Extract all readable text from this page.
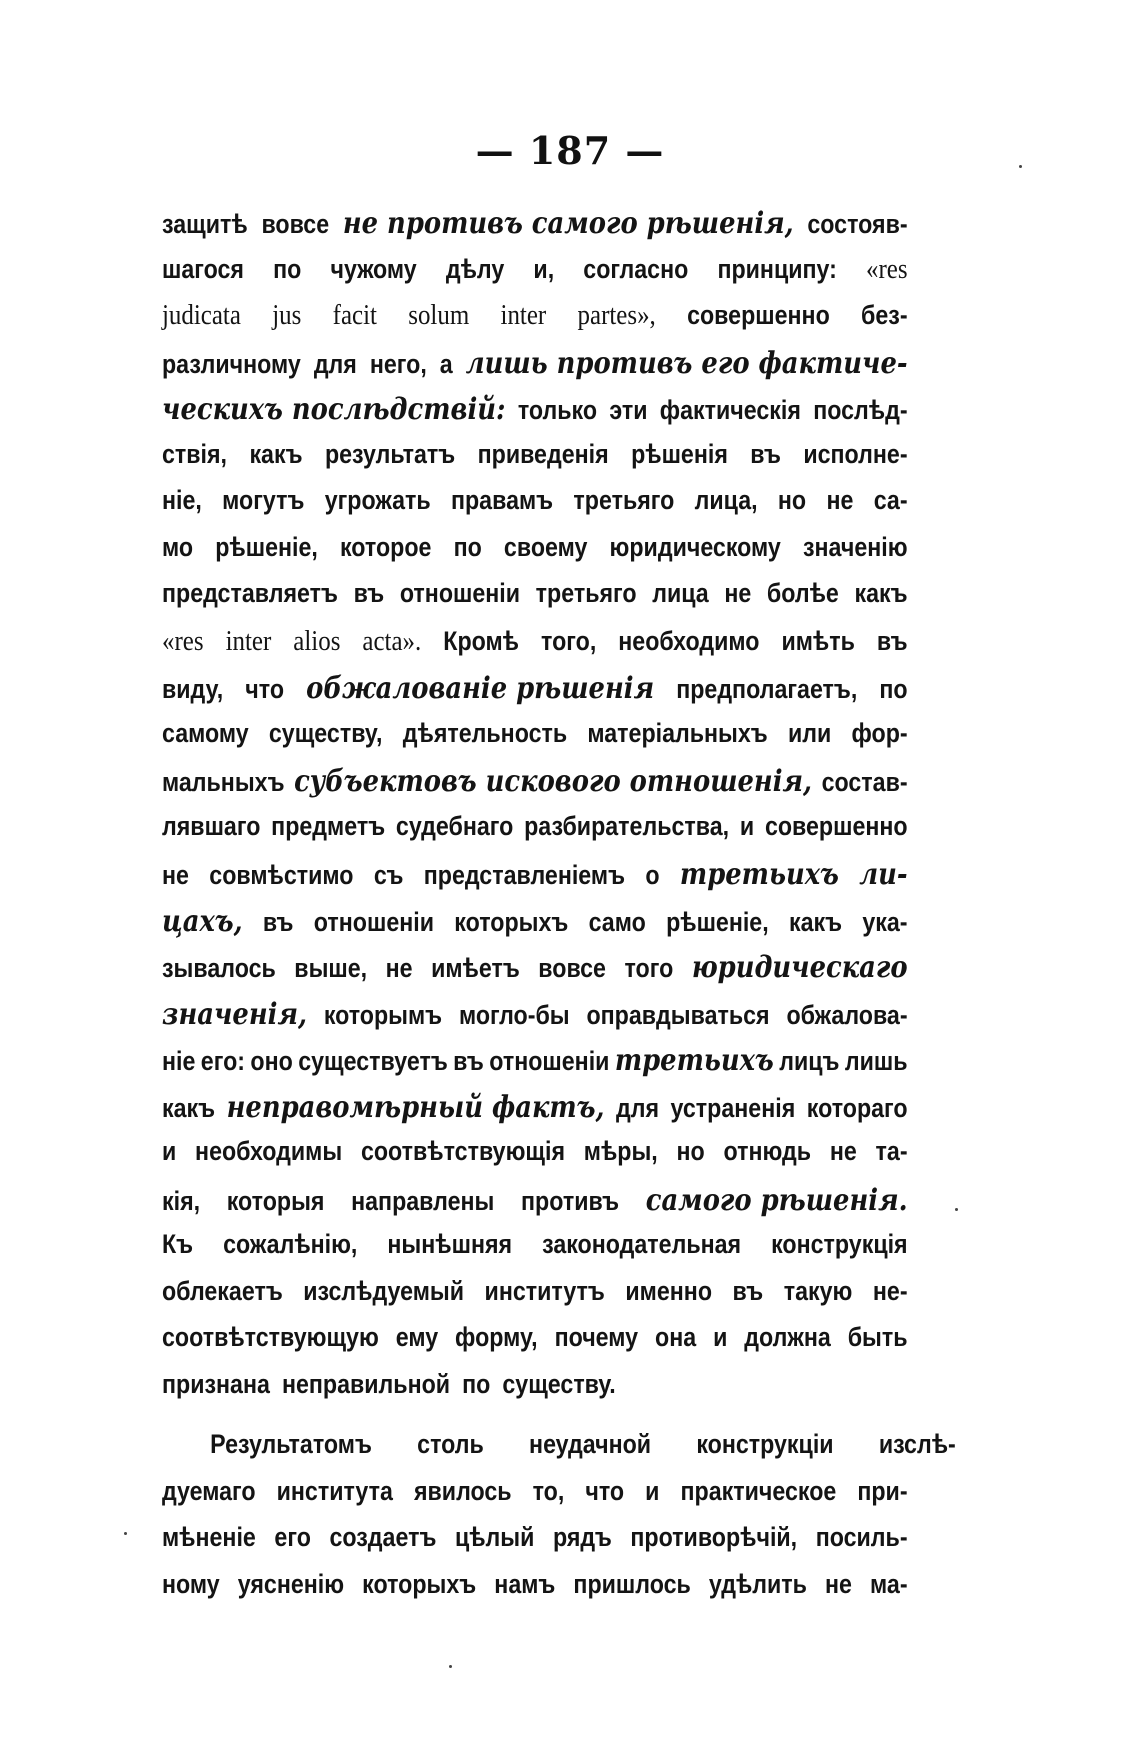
— 187 —
защитѣ вовсе не противъ самого рѣшенія, состояв-
шагося по чужому дѣлу и, согласно принципу: «res
judicata jus facit solum inter partes», совершенно без-
различному для него, а лишь противъ его фактиче-
ческихъ послѣдствій: только эти фактическія послѣд-
ствія, какъ результатъ приведенія рѣшенія въ исполне-
ніе, могутъ угрожать правамъ третьяго лица, но не са-
мо рѣшеніе, которое по своему юридическому значенію
представляетъ въ отношеніи третьяго лица не болѣе какъ
«res inter alios acta». Кромѣ того, необходимо имѣть въ
виду, что обжалованіе рѣшенія предполагаетъ, по
самому существу, дѣятельность матеріальныхъ или фор-
мальныхъ субъектовъ искового отношенія, состав-
лявшаго предметъ судебнаго разбирательства, и совершенно
не совмѣстимо съ представленіемъ о третьихъ ли-
цахъ, въ отношеніи которыхъ само рѣшеніе, какъ ука-
зывалось выше, не имѣетъ вовсе того юридическаго
значенія, которымъ могло-бы оправдываться обжалова-
ніе его: оно существуетъ въ отношеніи третьихъ лицъ лишь
какъ неправомѣрный фактъ, для устраненія котораго
и необходимы соотвѣтствующія мѣры, но отнюдь не та-
кія, которыя направлены противъ самого рѣшенія.
Къ сожалѣнію, нынѣшняя законодательная конструкція
облекаетъ изслѣдуемый институтъ именно въ такую не-
соотвѣтствующую ему форму, почему она и должна быть
признана неправильной по существу.
Результатомъ столь неудачной конструкціи изслѣ-
дуемаго института явилось то, что и практическое при-
мѣненіе его создаетъ цѣлый рядъ противорѣчій, посиль-
ному уясненію которыхъ намъ пришлось удѣлить не ма-
